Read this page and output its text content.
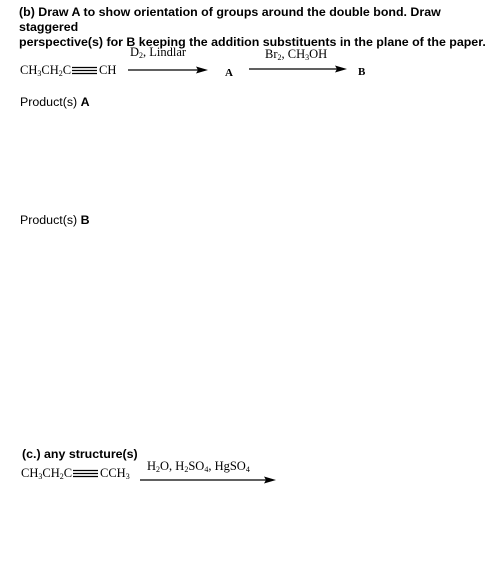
(b) Draw A to show orientation of groups around the double bond. Draw staggered
perspective(s) for B keeping the addition substituents in the plane of the paper.
$CH_3CH_2C$ CH
$D_2$, Lindlar
A
$Br_2$, $CH_3OH$
B
Product(s) A
Product(s) B
(c.) any structure(s)
$CH_3CH_2C$ $CCH_3$
$H_2O$, $H_2SO_4$, HgSO$_4$
